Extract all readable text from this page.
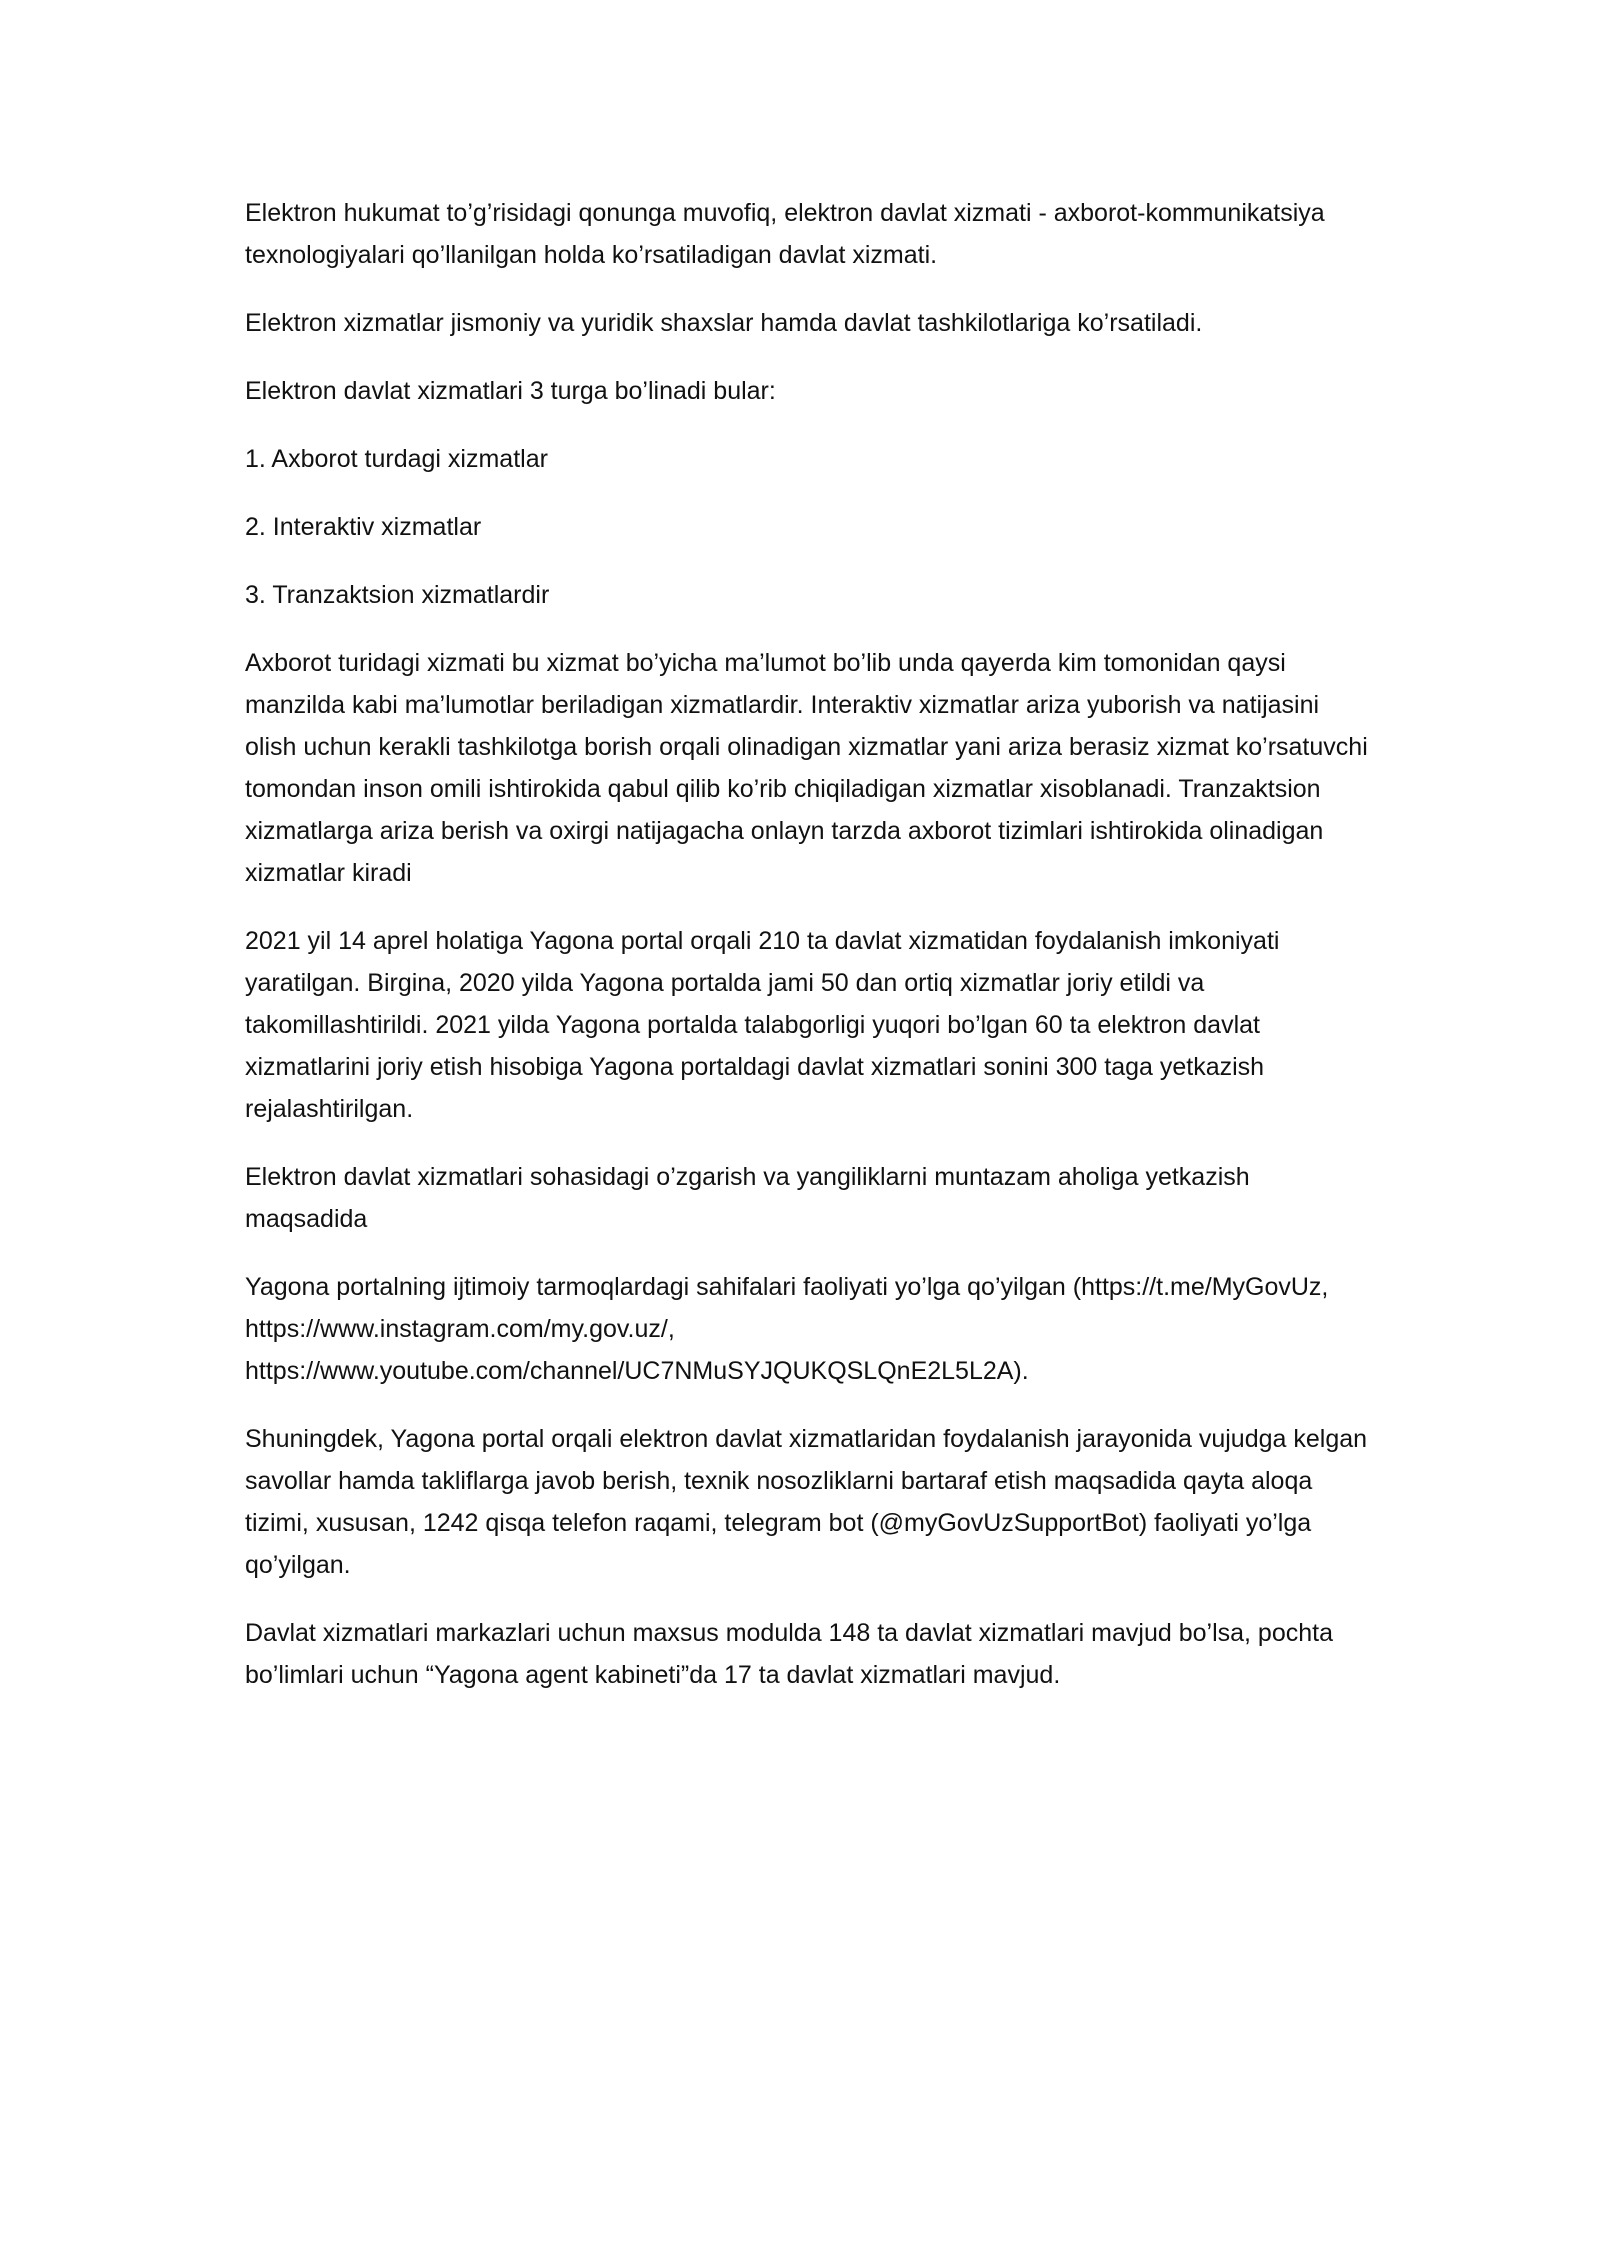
Elektron hukumat to’g’risidagi qonunga muvofiq, elektron davlat xizmati - axborot-kommunikatsiya texnologiyalari qo’llanilgan holda ko’rsatiladigan davlat xizmati.

Elektron xizmatlar jismoniy va yuridik shaxslar hamda davlat tashkilotlariga ko’rsatiladi.

Elektron davlat xizmatlari 3 turga bo’linadi bular:

1. Axborot turdagi xizmatlar

2. Interaktiv xizmatlar

3. Tranzaktsion xizmatlardir

Axborot turidagi xizmati bu xizmat bo’yicha ma’lumot bo’lib unda qayerda kim tomonidan qaysi manzilda kabi ma’lumotlar beriladigan xizmatlardir. Interaktiv xizmatlar ariza yuborish va natijasini olish uchun kerakli tashkilotga borish orqali olinadigan xizmatlar yani ariza berasiz xizmat ko’rsatuvchi tomondan inson omili ishtirokida qabul qilib ko’rib chiqiladigan xizmatlar xisoblanadi. Tranzaktsion xizmatlarga ariza berish va oxirgi natijagacha onlayn tarzda axborot tizimlari ishtirokida olinadigan xizmatlar kiradi

2021 yil 14 aprel holatiga Yagona portal orqali 210 ta davlat xizmatidan foydalanish imkoniyati yaratilgan. Birgina, 2020 yilda Yagona portalda jami 50 dan ortiq xizmatlar joriy etildi va takomillashtirildi. 2021 yilda Yagona portalda talabgorligi yuqori bo’lgan 60 ta elektron davlat xizmatlarini joriy etish hisobiga Yagona portaldagi davlat xizmatlari sonini 300 taga yetkazish rejalashtirilgan.

Elektron davlat xizmatlari sohasidagi o’zgarish va yangiliklarni muntazam aholiga yetkazish maqsadida

Yagona portalning ijtimoiy tarmoqlardagi sahifalari faoliyati yo’lga qo’yilgan (https://t.me/MyGovUz, https://www.instagram.com/my.gov.uz/, https://www.youtube.com/channel/UC7NMuSYJQUKQSLQnE2L5L2A).

Shuningdek, Yagona portal orqali elektron davlat xizmatlaridan foydalanish jarayonida vujudga kelgan savollar hamda takliflarga javob berish, texnik nosozliklarni bartaraf etish maqsadida qayta aloqa tizimi, xususan, 1242 qisqa telefon raqami, telegram bot (@myGovUzSupportBot) faoliyati yo’lga qo’yilgan.

Davlat xizmatlari markazlari uchun maxsus modulda 148 ta davlat xizmatlari mavjud bo’lsa, pochta bo’limlari uchun “Yagona agent kabineti”da 17 ta davlat xizmatlari mavjud.
